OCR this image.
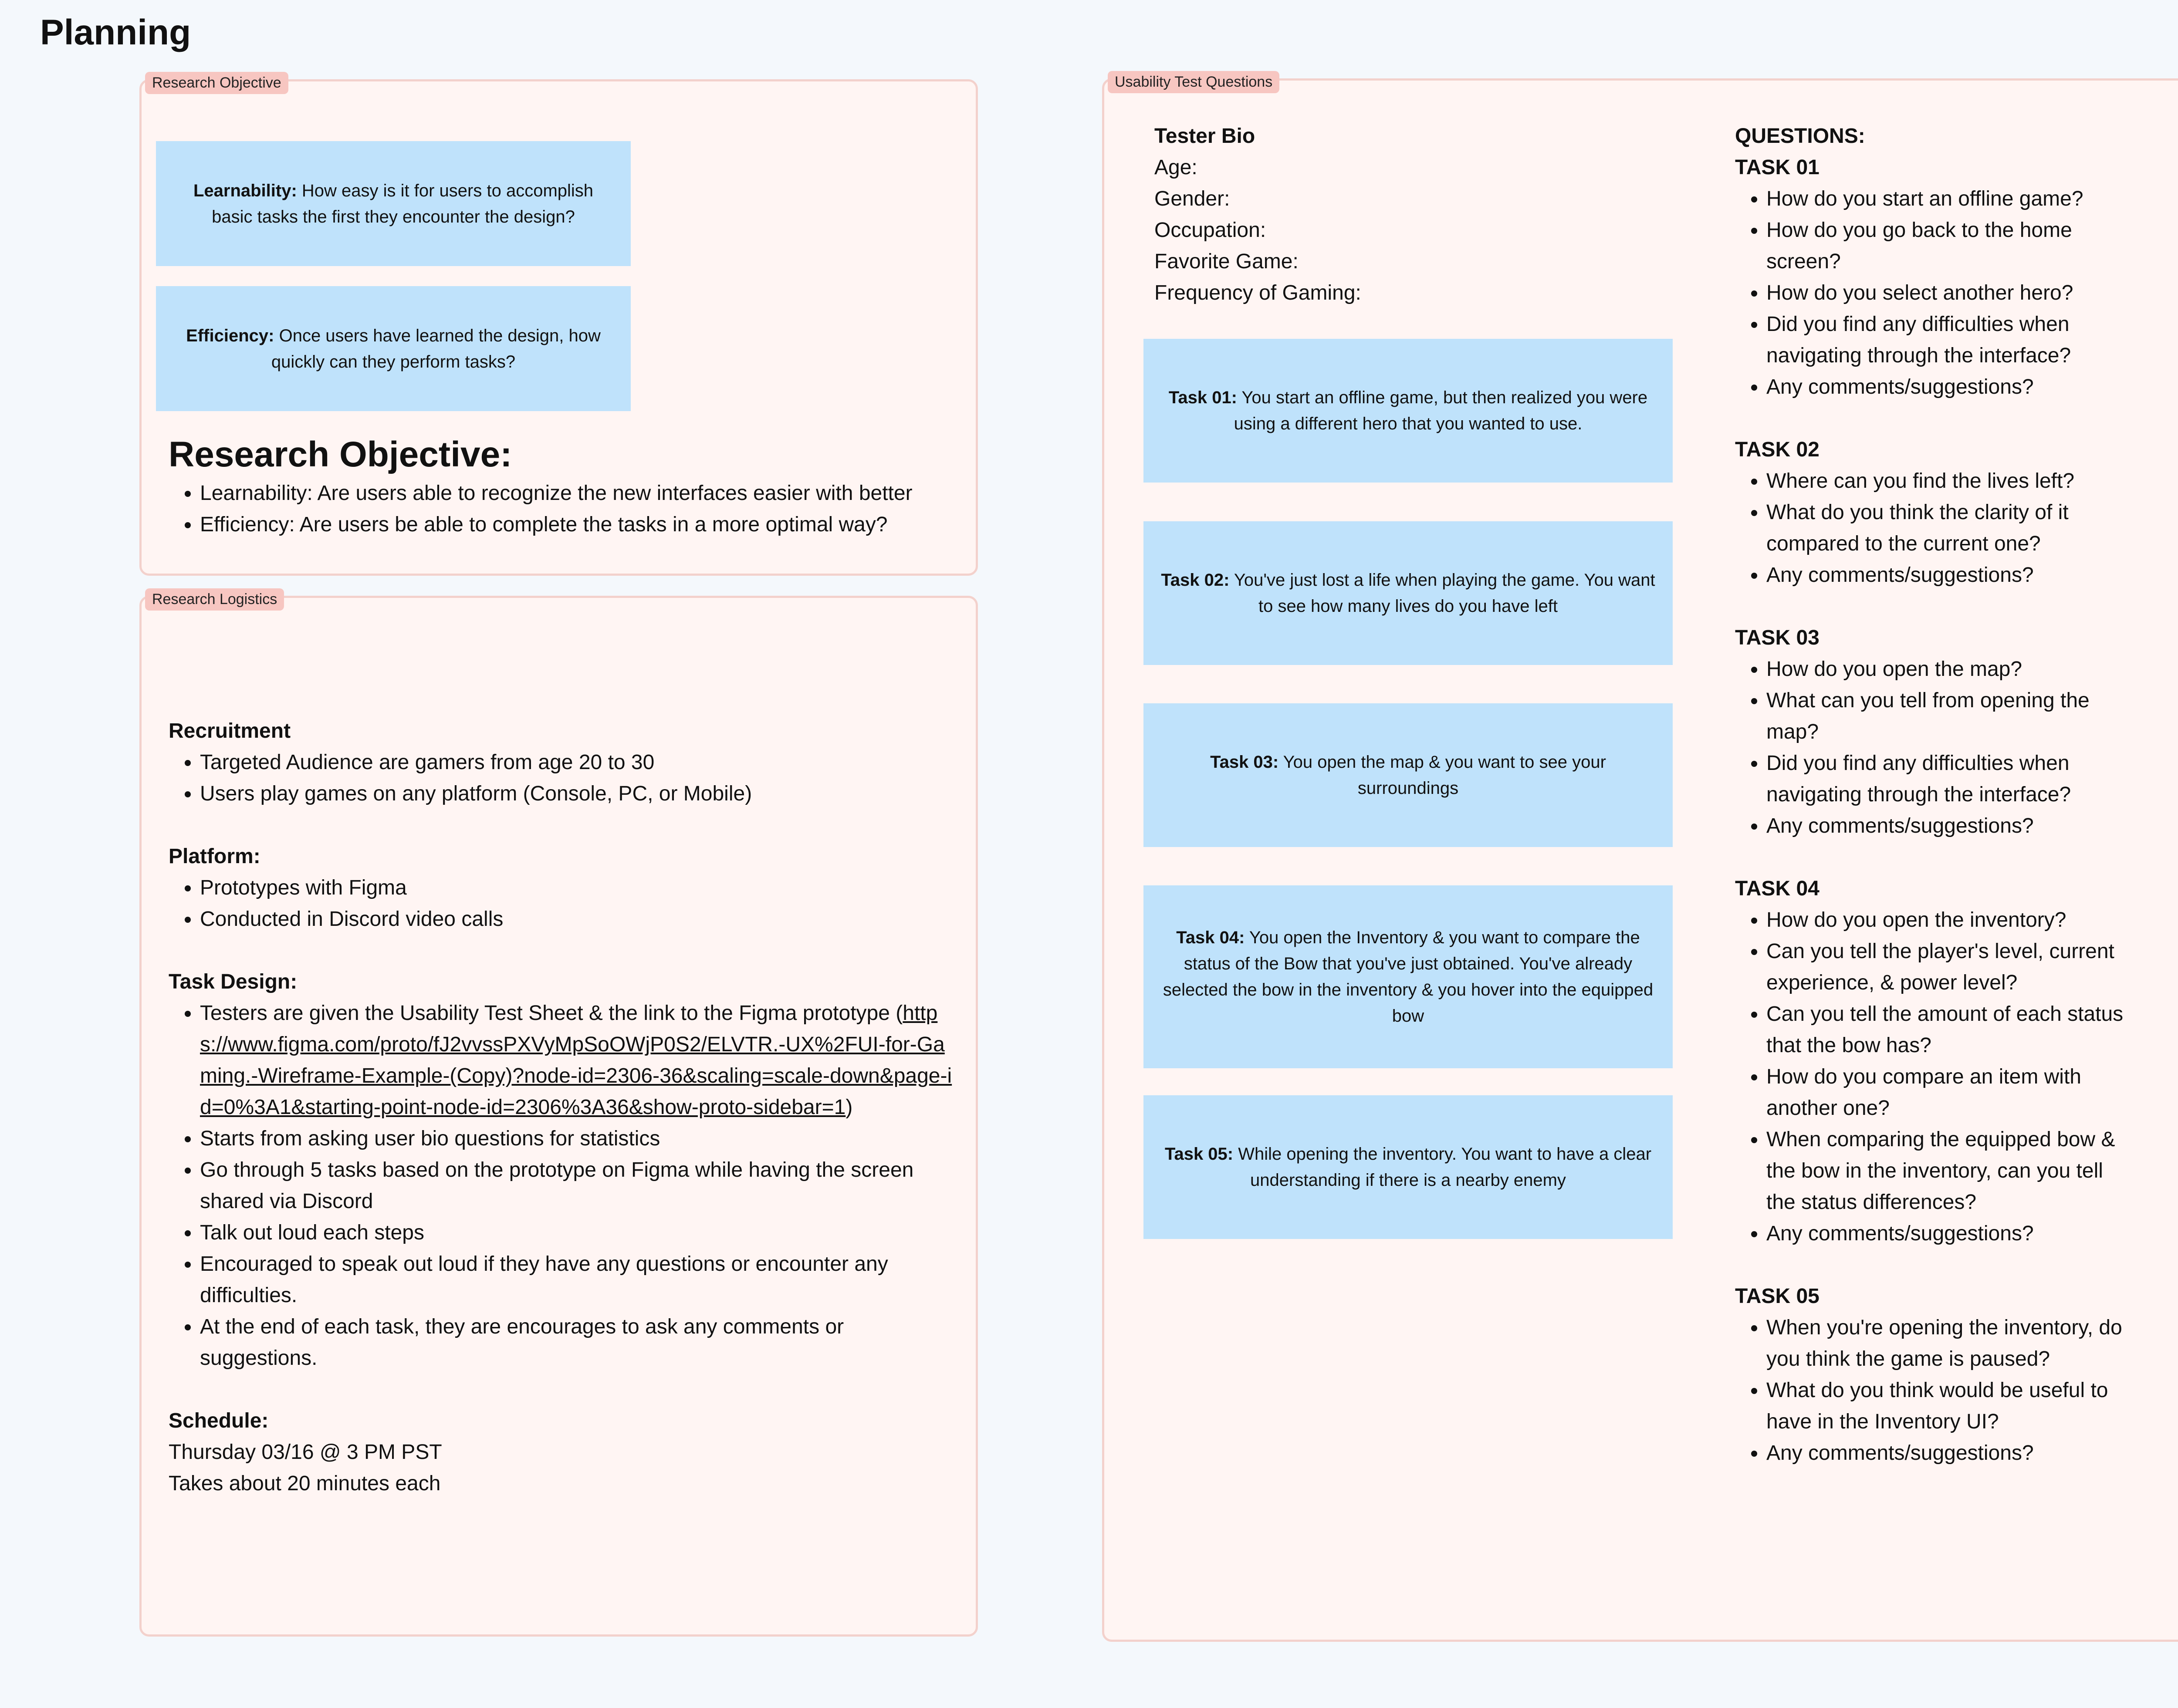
Planning
Research Objective
Learnability: How easy is it for users to accomplish basic tasks the first they encounter the design?
Efficiency: Once users have learned the design, how quickly can they perform tasks?
Research Objective:
• Learnability: Are users able to recognize the new interfaces easier with better
• Efficiency: Are users be able to complete the tasks in a more optimal way?
Research Logistics
Recruitment
• Targeted Audience are gamers from age 20 to 30
• Users play games on any platform (Console, PC, or Mobile)
Platform:
• Prototypes with Figma
• Conducted in Discord video calls
Task Design:
• Testers are given the Usability Test Sheet & the link to the Figma prototype (https://www.figma.com/proto/fJ2vvssPXVyMpSoOWjP0S2/ELVTR.-UX%2FUI-for-Gaming.-Wireframe-Example-(Copy)?node-id=2306-36&scaling=scale-down&page-id=0%3A1&starting-point-node-id=2306%3A36&show-proto-sidebar=1)
• Starts from asking user bio questions for statistics
• Go through 5 tasks based on the prototype on Figma while having the screen shared via Discord
• Talk out loud each steps
• Encouraged to speak out loud if they have any questions or encounter any difficulties.
• At the end of each task, they are encourages to ask any comments or suggestions.
Schedule:
Thursday 03/16 @ 3 PM PST
Takes about 20 minutes each
Usability Test Questions
Tester Bio
Age:
Gender:
Occupation:
Favorite Game:
Frequency of Gaming:
Task 01: You start an offline game, but then realized you were using a different hero that you wanted to use.
Task 02: You've just lost a life when playing the game. You want to see how many lives do you have left
Task 03: You open the map & you want to see your surroundings
Task 04: You open the Inventory & you want to compare the status of the Bow that you've just obtained. You've already selected the bow in the inventory & you hover into the equipped bow
Task 05: While opening the inventory. You want to have a clear understanding if there is a nearby enemy
QUESTIONS:
TASK 01
• How do you start an offline game?
• How do you go back to the home screen?
• How do you select another hero?
• Did you find any difficulties when navigating through the interface?
• Any comments/suggestions?
TASK 02
• Where can you find the lives left?
• What do you think the clarity of it compared to the current one?
• Any comments/suggestions?
TASK 03
• How do you open the map?
• What can you tell from opening the map?
• Did you find any difficulties when navigating through the interface?
• Any comments/suggestions?
TASK 04
• How do you open the inventory?
• Can you tell the player's level, current experience, & power level?
• Can you tell the amount of each status that the bow has?
• How do you compare an item with another one?
• When comparing the equipped bow & the bow in the inventory, can you tell the status differences?
• Any comments/suggestions?
TASK 05
• When you're opening the inventory, do you think the game is paused?
• What do you think would be useful to have in the Inventory UI?
• Any comments/suggestions?
